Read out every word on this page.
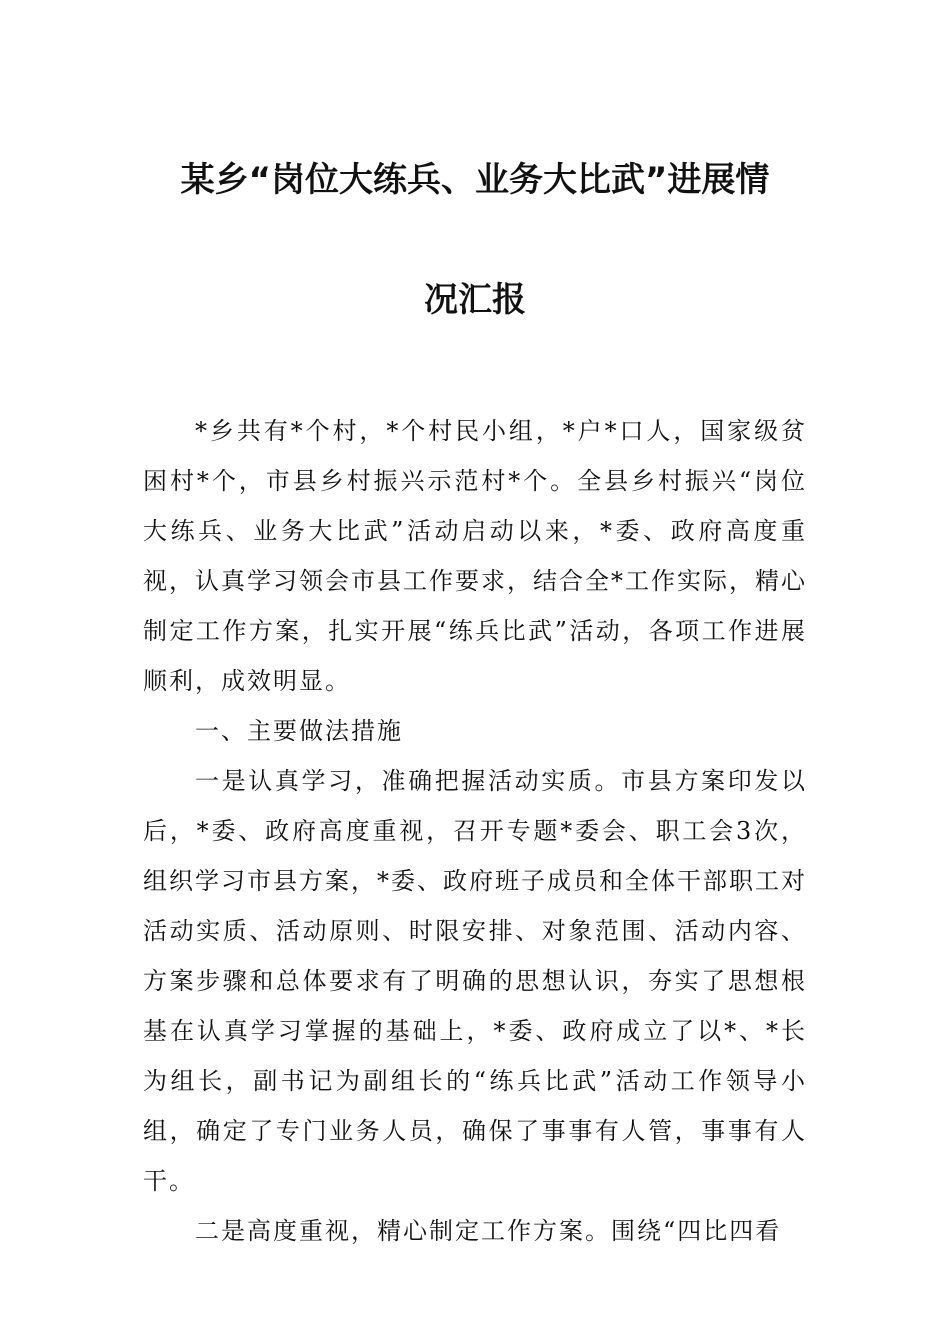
某乡“岗位大练兵、业务大比武”进展情
况汇报

*乡共有*个村，*个村民小组，*户*口人，国家级贫困村*个，市县乡村振兴示范村*个。全县乡村振兴“岗位大练兵、业务大比武”活动启动以来，*委、政府高度重视，认真学习领会市县工作要求，结合全*工作实际，精心制定工作方案，扎实开展“练兵比武”活动，各项工作进展顺利，成效明显。

一、主要做法措施

一是认真学习，准确把握活动实质。市县方案印发以后，*委、政府高度重视，召开专题*委会、职工会3次，组织学习市县方案，*委、政府班子成员和全体干部职工对活动实质、活动原则、时限安排、对象范围、活动内容、方案步骤和总体要求有了明确的思想认识，夯实了思想根基在认真学习掌握的基础上，*委、政府成立了以*、*长为组长，副书记为副组长的“练兵比武”活动工作领导小组，确定了专门业务人员，确保了事事有人管，事事有人干。

二是高度重视，精心制定工作方案。围绕“四比四看
